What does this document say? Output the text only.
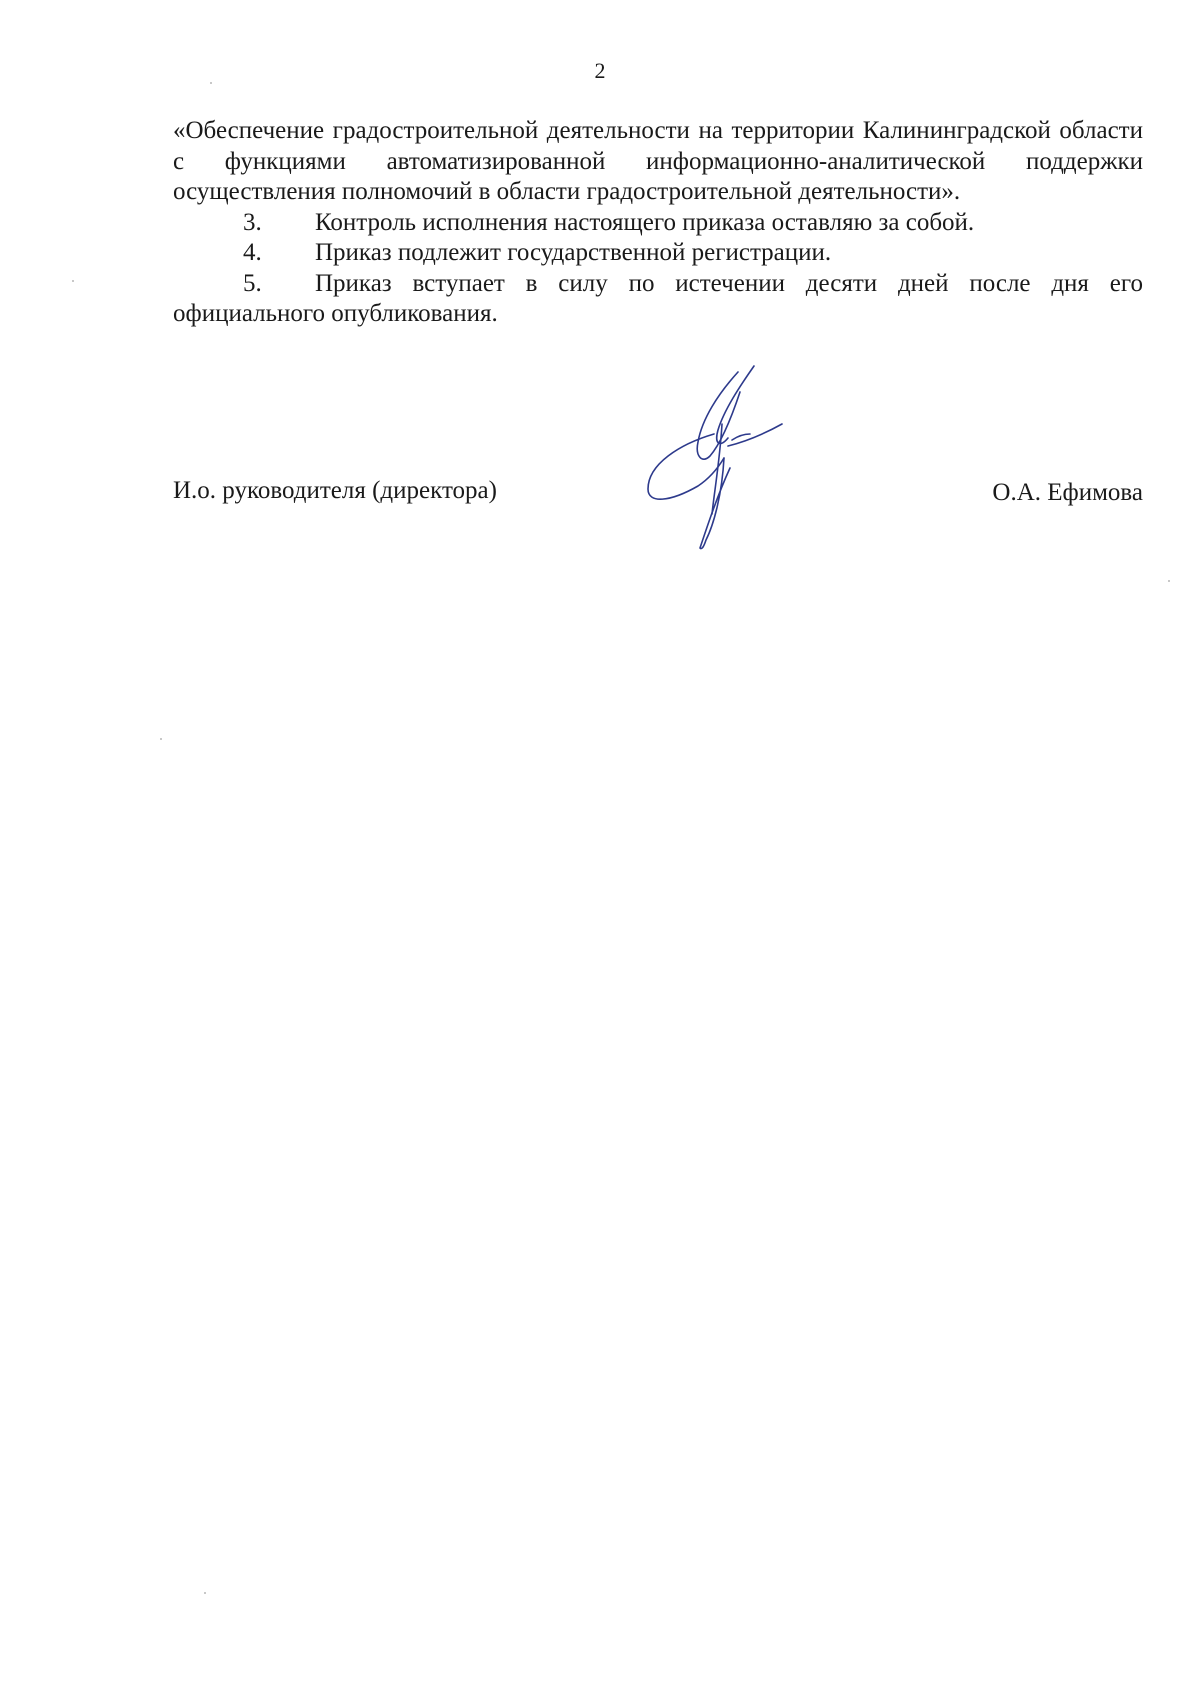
2

«Обеспечение градостроительной деятельности на территории Калининградской области с функциями автоматизированной информационно-аналитической поддержки осуществления полномочий в области градостроительной деятельности».

3. Контроль исполнения настоящего приказа оставляю за собой.

4. Приказ подлежит государственной регистрации.

5. Приказ вступает в силу по истечении десяти дней после дня его официального опубликования.

И.о. руководителя (директора)	О.А. Ефимова
